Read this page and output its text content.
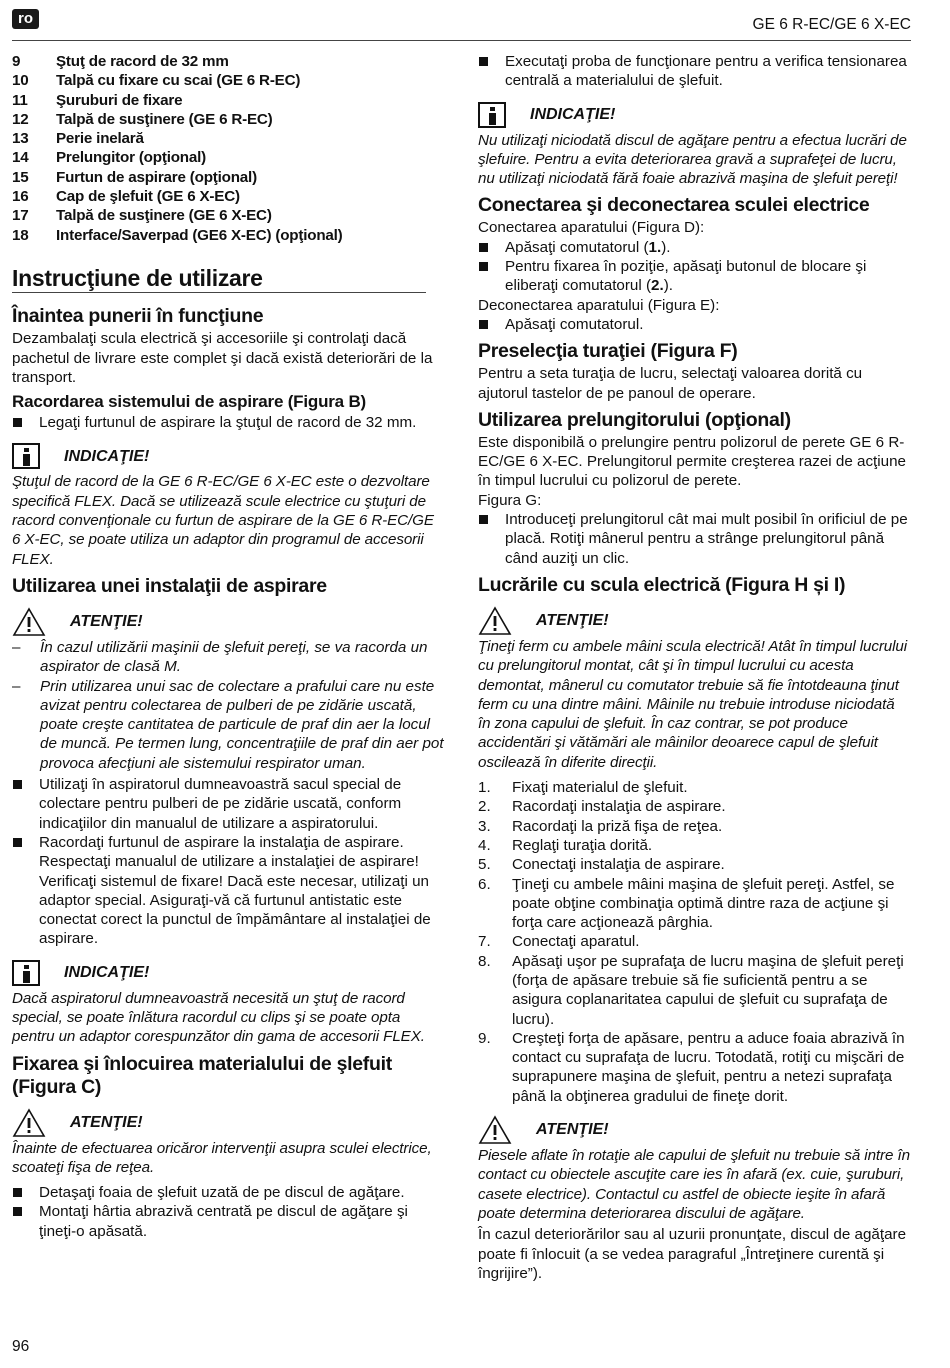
ro	GE 6 R-EC/GE 6 X-EC
9	Ştuţ de racord de 32 mm
10	Talpă cu fixare cu scai (GE 6 R-EC)
11	Şuruburi de fixare
12	Talpă de susţinere (GE 6 R-EC)
13	Perie inelară
14	Prelungitor (opţional)
15	Furtun de aspirare (opţional)
16	Cap de şlefuit (GE 6 X-EC)
17	Talpă de susţinere (GE 6 X-EC)
18	Interface/Saverpad (GE6 X-EC) (opţional)
Instrucţiune de utilizare
Înaintea punerii în funcţiune

Dezambalaţi scula electrică şi accesoriile şi controlaţi dacă pachetul de livrare este complet şi dacă există deteriorări de la transport.

Racordarea sistemului de aspirare (Figura B)
Legaţi furtunul de aspirare la ştuţul de racord de 32 mm.
INDICAŢIE!

Ştuţul de racord de la GE 6 R-EC/GE 6 X-EC este o dezvoltare specifică FLEX. Dacă se utilizează scule electrice cu ştuţuri de racord convenţionale cu furtun de aspirare de la GE 6 R-EC/GE 6 X-EC, se poate utiliza un adaptor din programul de accesorii FLEX.

Utilizarea unei instalaţii de aspirare
ATENŢIE!
– În cazul utilizării maşinii de şlefuit pereţi, se va racorda un aspirator de clasă M.
– Prin utilizarea unui sac de colectare a prafului care nu este avizat pentru colectarea de pulberi de pe zidărie uscată, poate creşte cantitatea de particule de praf din aer la locul de muncă. Pe termen lung, concentraţiile de praf din aer pot provoca afecţiuni ale sistemului respirator uman.
Utilizaţi în aspiratorul dumneavoastră sacul special de colectare pentru pulberi de pe zidărie uscată, conform indicaţiilor din manualul de utilizare a aspiratorului.
Racordaţi furtunul de aspirare la instalaţia de aspirare. Respectaţi manualul de utilizare a instalaţiei de aspirare! Verificaţi sistemul de fixare! Dacă este necesar, utilizaţi un adaptor special. Asiguraţi-vă că furtunul antistatic este conectat corect la punctul de împământare al instalaţiei de aspirare.
INDICAŢIE!

Dacă aspiratorul dumneavoastră necesită un ştuţ de racord special, se poate înlătura racordul cu clips şi se poate opta pentru un adaptor corespunzător din gama de accesorii FLEX.

Fixarea şi înlocuirea materialului de şlefuit (Figura C)
ATENŢIE!

Înainte de efectuarea oricăror intervenţii asupra sculei electrice, scoateţi fişa de reţea.

Detaşaţi foaia de şlefuit uzată de pe discul de agăţare.
Montaţi hârtia abrazivă centrată pe discul de agăţare şi ţineţi-o apăsată.
Executaţi proba de funcţionare pentru a verifica tensionarea centrală a materialului de şlefuit.
INDICAŢIE!

Nu utilizaţi niciodată discul de agăţare pentru a efectua lucrări de şlefuire. Pentru a evita deteriorarea gravă a suprafeţei de lucru, nu utilizaţi niciodată fără foaie abrazivă maşina de şlefuit pereţi!

Conectarea şi deconectarea sculei electrice

Conectarea aparatului (Figura D):

Apăsaţi comutatorul (1.).
Pentru fixarea în poziţie, apăsaţi butonul de blocare şi eliberaţi comutatorul (2.).

Deconectarea aparatului (Figura E):

Apăsaţi comutatorul.
Preselecţia turaţiei (Figura F)

Pentru a seta turaţia de lucru, selectaţi valoarea dorită cu ajutorul tastelor de pe panoul de operare.

Utilizarea prelungitorului (opţional)

Este disponibilă o prelungire pentru polizorul de perete GE 6 R-EC/GE 6 X-EC. Prelungitorul permite creşterea razei de acţiune în timpul lucrului cu polizorul de perete.

Figura G:

Introduceţi prelungitorul cât mai mult posibil în orificiul de pe placă. Rotiţi mânerul pentru a strânge prelungitorul până când auziţi un clic.
Lucrările cu scula electrică (Figura H și I)
ATENŢIE!

Ţineţi ferm cu ambele mâini scula electrică! Atât în timpul lucrului cu prelungitorul montat, cât şi în timpul lucrului cu acesta demontat, mânerul cu comutator trebuie să fie întotdeauna ţinut ferm cu una dintre mâini. Mâinile nu trebuie introduse niciodată în zona capului de şlefuit. În caz contrar, se pot produce accidentări şi vătămări ale mâinilor deoarece capul de şlefuit oscilează în diferite direcţii.

1.	Fixaţi materialul de şlefuit.
2.	Racordaţi instalaţia de aspirare.
3.	Racordaţi la priză fişa de reţea.
4.	Reglaţi turaţia dorită.
5.	Conectaţi instalaţia de aspirare.
6.	Ţineţi cu ambele mâini maşina de şlefuit pereţi. Astfel, se poate obţine combinaţia optimă dintre raza de acţiune şi forţa care acţionează pârghia.
7.	Conectaţi aparatul.
8.	Apăsaţi uşor pe suprafaţa de lucru maşina de şlefuit pereţi (forţa de apăsare trebuie să fie suficientă pentru a se asigura coplanaritatea capului de şlefuit cu suprafaţa de lucru).
9.	Creşteţi forţa de apăsare, pentru a aduce foaia abrazivă în contact cu suprafaţa de lucru. Totodată, rotiţi cu mişcări de suprapunere maşina de şlefuit, pentru a netezi suprafaţa până la obţinerea gradului de fineţe dorit.
ATENŢIE!

Piesele aflate în rotaţie ale capului de şlefuit nu trebuie să intre în contact cu obiectele ascuţite care ies în afară (ex. cuie, şuruburi, casete electrice). Contactul cu astfel de obiecte ieşite în afară poate determina deteriorarea discului de agăţare.

În cazul deteriorărilor sau al uzurii pronunţate, discul de agăţare poate fi înlocuit (a se vedea paragraful „Întreţinere curentă şi îngrijire”).

96
